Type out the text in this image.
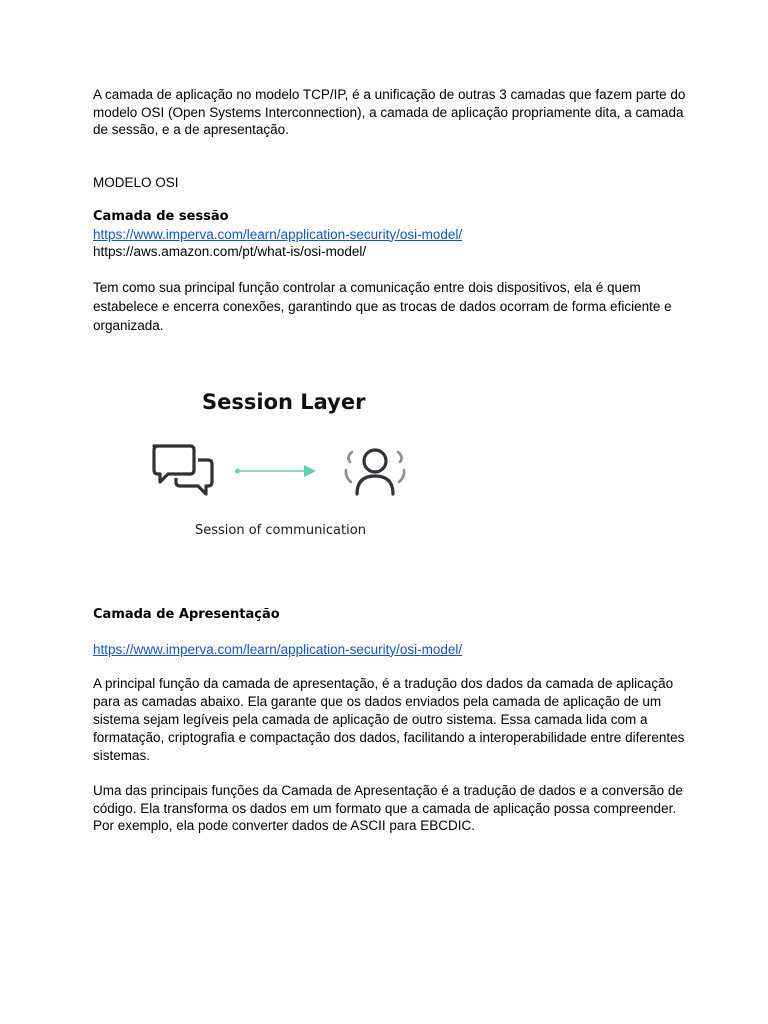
A camada de aplicação no modelo TCP/IP, é a unificação de outras 3 camadas que fazem parte do modelo OSI (Open Systems Interconnection), a camada de aplicação propriamente dita, a camada de sessão, e a de apresentação.

MODELO OSI

Camada de sessão

https://www.imperva.com/learn/application-security/osi-model/

https://aws.amazon.com/pt/what-is/osi-model/

Tem como sua principal função controlar a comunicação entre dois dispositivos, ela é quem estabelece e encerra conexões, garantindo que as trocas de dados ocorram de forma eficiente e organizada.

Session Layer
Session of communication

Camada de Apresentação

https://www.imperva.com/learn/application-security/osi-model/

A principal função da camada de apresentação, é a tradução dos dados da camada de aplicação para as camadas abaixo. Ela garante que os dados enviados pela camada de aplicação de um sistema sejam legíveis pela camada de aplicação de outro sistema. Essa camada lida com a formatação, criptografia e compactação dos dados, facilitando a interoperabilidade entre diferentes sistemas.

Uma das principais funções da Camada de Apresentação é a tradução de dados e a conversão de código. Ela transforma os dados em um formato que a camada de aplicação possa compreender. Por exemplo, ela pode converter dados de ASCII para EBCDIC.
